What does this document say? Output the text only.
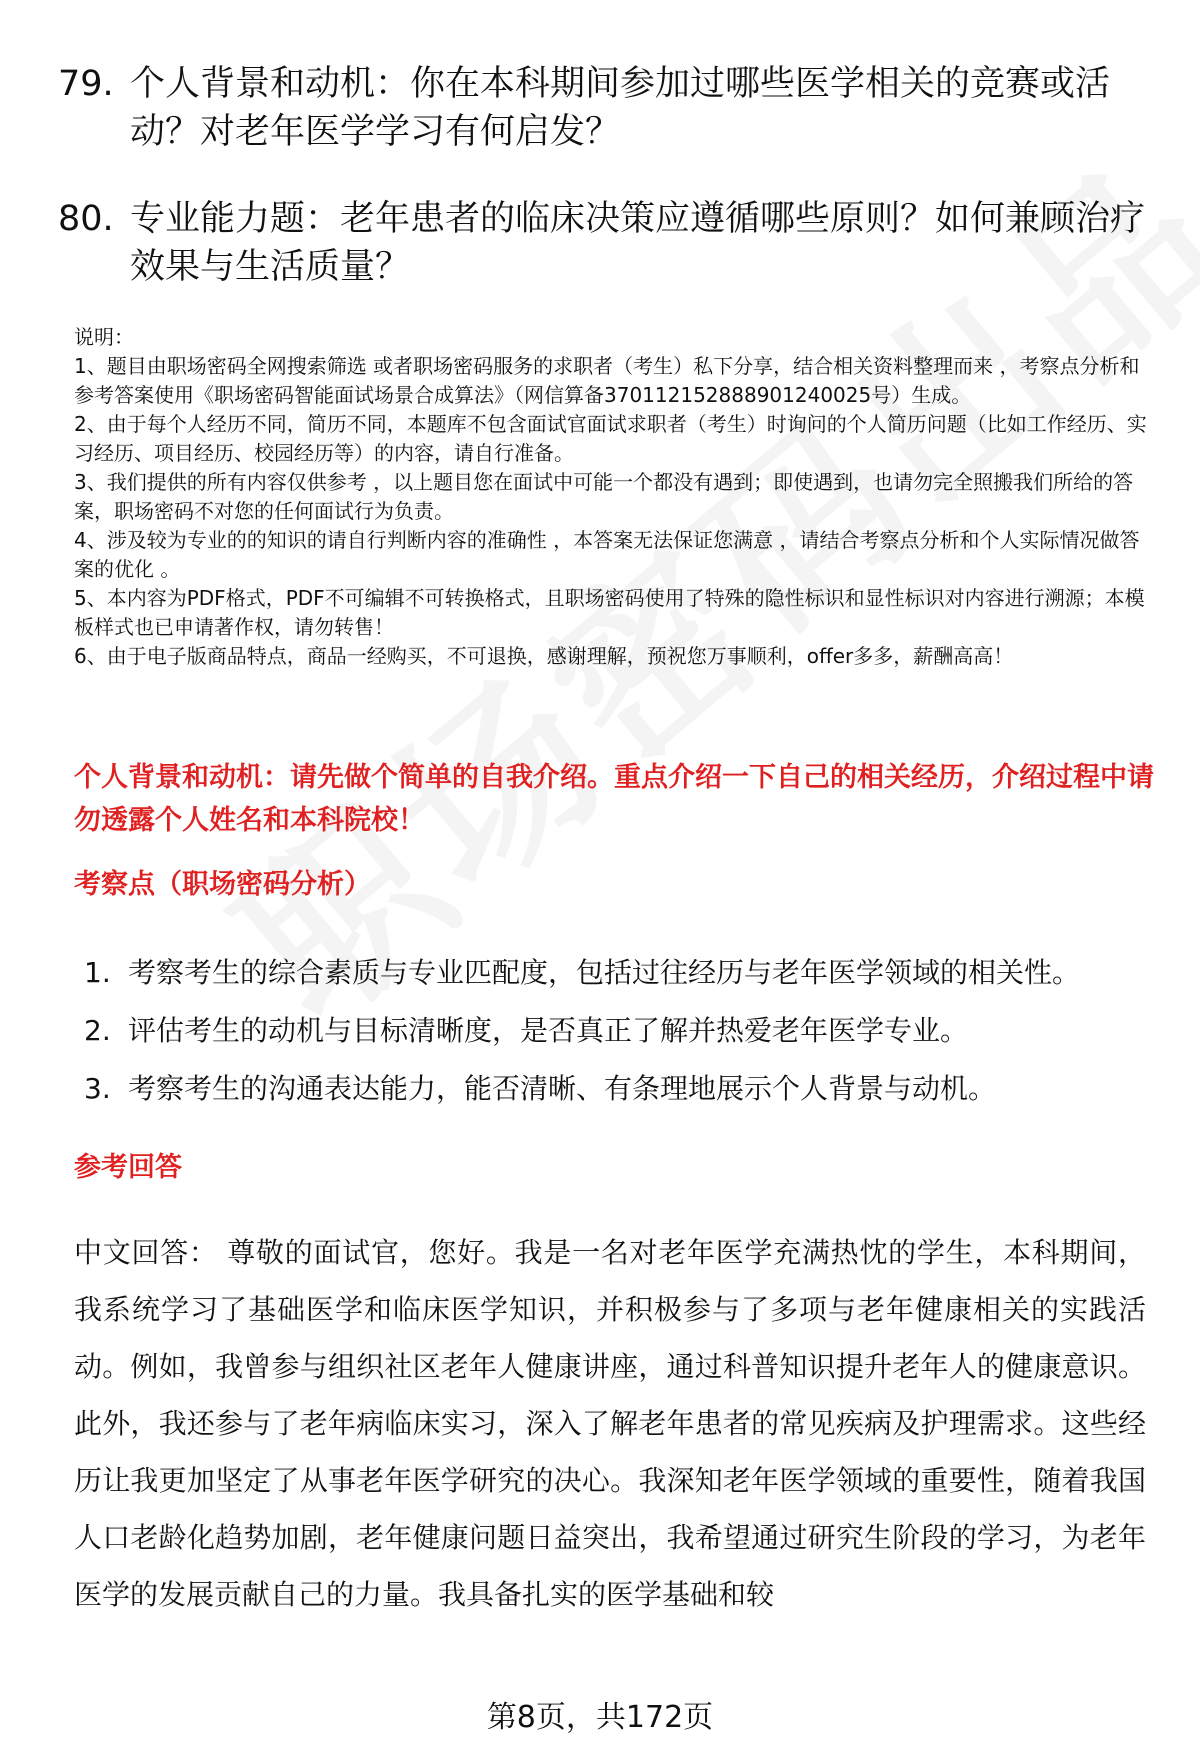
79. 个人背景和动机：你在本科期间参加过哪些医学相关的竞赛或活动？对老年医学学习有何启发？
80. 专业能力题：老年患者的临床决策应遵循哪些原则？如何兼顾治疗效果与生活质量？
说明：
1、题目由职场密码全网搜索筛选 或者职场密码服务的求职者（考生）私下分享，结合相关资料整理而来 ，考察点分析和参考答案使用《职场密码智能面试场景合成算法》（网信算备370112152888901240025号）生成。
2、由于每个人经历不同，简历不同，本题库不包含面试官面试求职者（考生）时询问的个人简历问题（比如工作经历、实习经历、项目经历、校园经历等）的内容，请自行准备。
3、我们提供的所有内容仅供参考 ，以上题目您在面试中可能一个都没有遇到；即使遇到，也请勿完全照搬我们所给的答案，职场密码不对您的任何面试行为负责。
4、涉及较为专业的的知识的请自行判断内容的准确性 ，本答案无法保证您满意 ，请结合考察点分析和个人实际情况做答案的优化 。
5、本内容为PDF格式，PDF不可编辑不可转换格式，且职场密码使用了特殊的隐性标识和显性标识对内容进行溯源；本模板样式也已申请著作权，请勿转售！
6、由于电子版商品特点，商品一经购买，不可退换，感谢理解，预祝您万事顺利，offer多多，薪酬高高！
个人背景和动机：请先做个简单的自我介绍。重点介绍一下自己的相关经历，介绍过程中请勿透露个人姓名和本科院校！
考察点（职场密码分析）
1. 考察考生的综合素质与专业匹配度，包括过往经历与老年医学领域的相关性。
2. 评估考生的动机与目标清晰度，是否真正了解并热爱老年医学专业。
3. 考察考生的沟通表达能力，能否清晰、有条理地展示个人背景与动机。
参考回答
中文回答： 尊敬的面试官，您好。我是一名对老年医学充满热忱的学生，本科期间，我系统学习了基础医学和临床医学知识，并积极参与了多项与老年健康相关的实践活动。例如，我曾参与组织社区老年人健康讲座，通过科普知识提升老年人的健康意识。此外，我还参与了老年病临床实习，深入了解老年患者的常见疾病及护理需求。这些经历让我更加坚定了从事老年医学研究的决心。我深知老年医学领域的重要性，随着我国人口老龄化趋势加剧，老年健康问题日益突出，我希望通过研究生阶段的学习，为老年医学的发展贡献自己的力量。我具备扎实的医学基础和较
第8页，共172页
